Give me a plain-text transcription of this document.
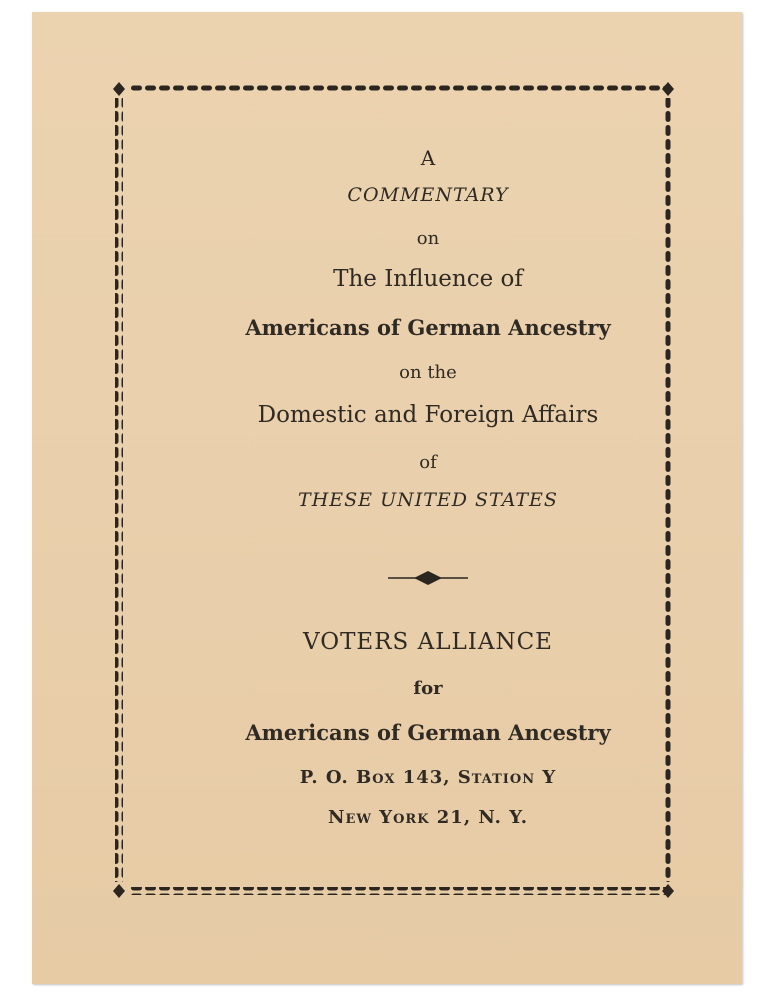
A
COMMENTARY
on
The Influence of
Americans of German Ancestry
on the
Domestic and Foreign Affairs
of
THESE UNITED STATES
VOTERS ALLIANCE
for
Americans of German Ancestry
P. O. Box 143, Station Y
New York 21, N. Y.
